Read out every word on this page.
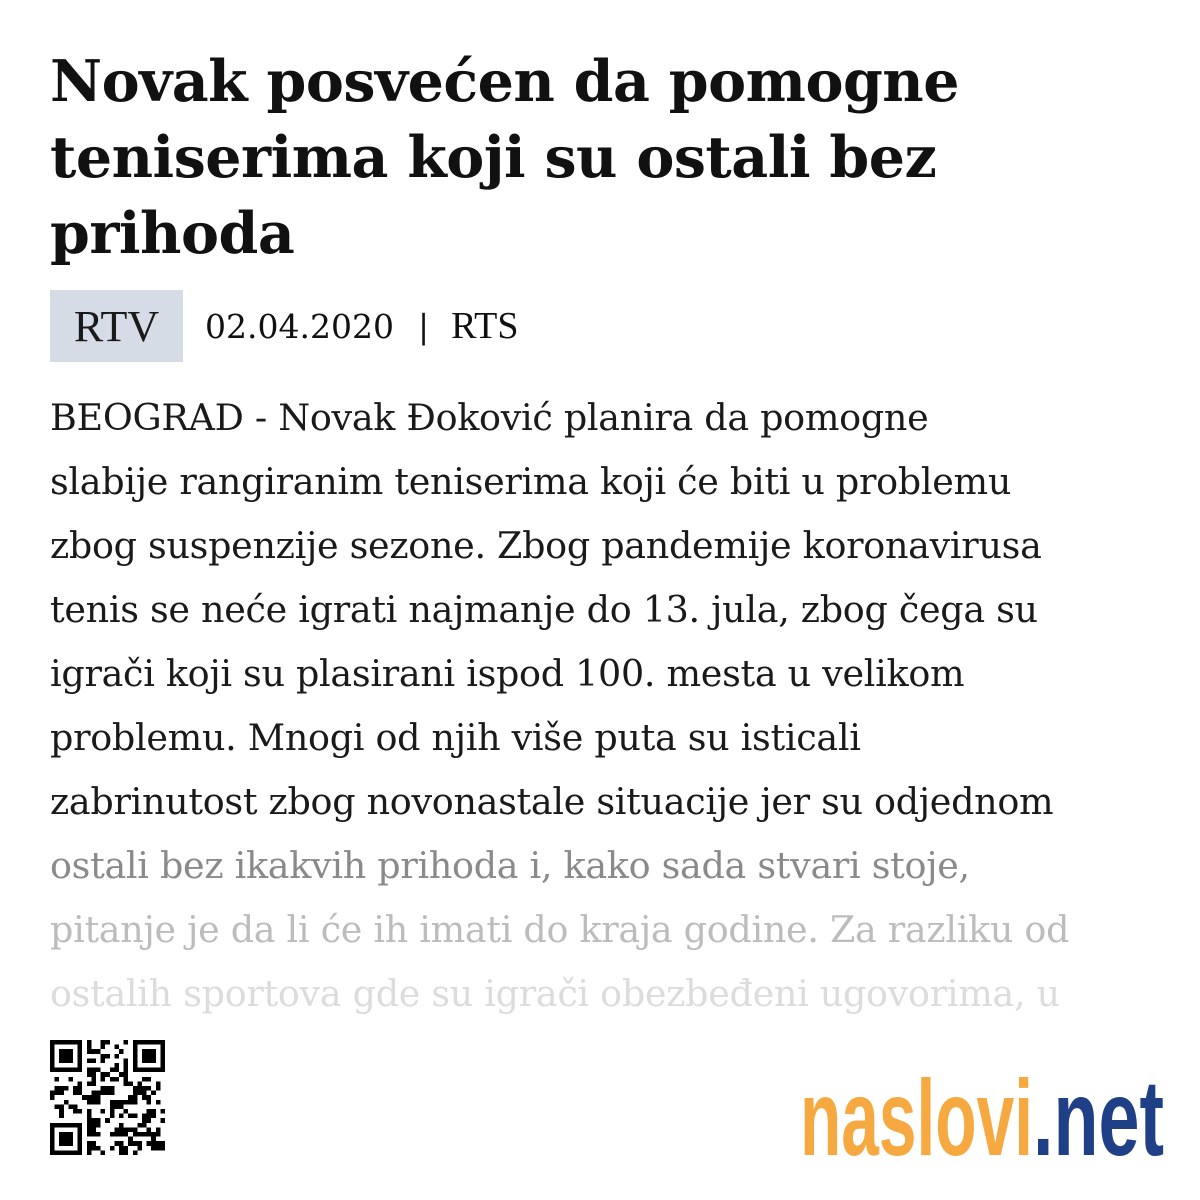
Novak posvećen da pomogne teniserima koji su ostali bez prihoda
RTV	02.04.2020 | RTS

BEOGRAD - Novak Đoković planira da pomogne
slabije rangiranim teniserima koji će biti u problemu
zbog suspenzije sezone. Zbog pandemije koronavirusa
tenis se neće igrati najmanje do 13. jula, zbog čega su
igrači koji su plasirani ispod 100. mesta u velikom
problemu. Mnogi od njih više puta su isticali
zabrinutost zbog novonastale situacije jer su odjednom
ostali bez ikakvih prihoda i, kako sada stvari stoje,
pitanje je da li će ih imati do kraja godine. Za razliku od
ostalih sportova gde su igrači obezbeđeni ugovorima, u

naslovi .net
